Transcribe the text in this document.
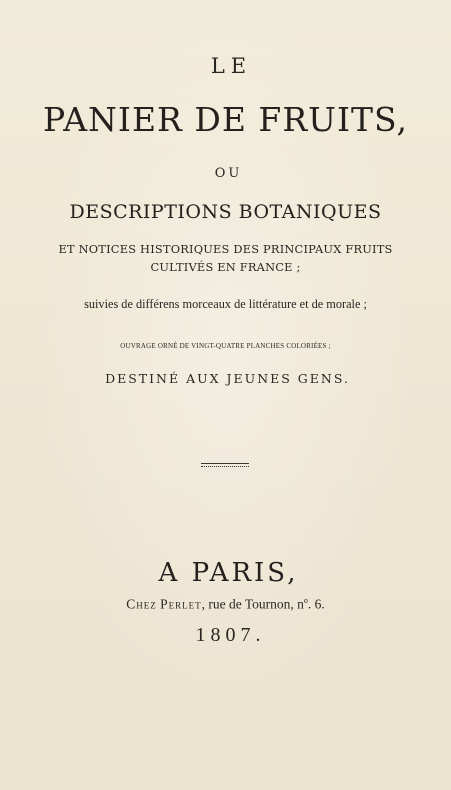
LE
PANIER DE FRUITS,
OU
DESCRIPTIONS BOTANIQUES
ET NOTICES HISTORIQUES DES PRINCIPAUX FRUITS
CULTIVÉS EN FRANCE ;
suivies de différens morceaux de littérature et de morale ;
OUVRAGE ORNÉ DE VINGT-QUATRE PLANCHES COLORIÉES ;
DESTINÉ AUX JEUNES GENS.
A PARIS,
Chez Perlet, rue de Tournon, $n^o$. 6.
1807.
